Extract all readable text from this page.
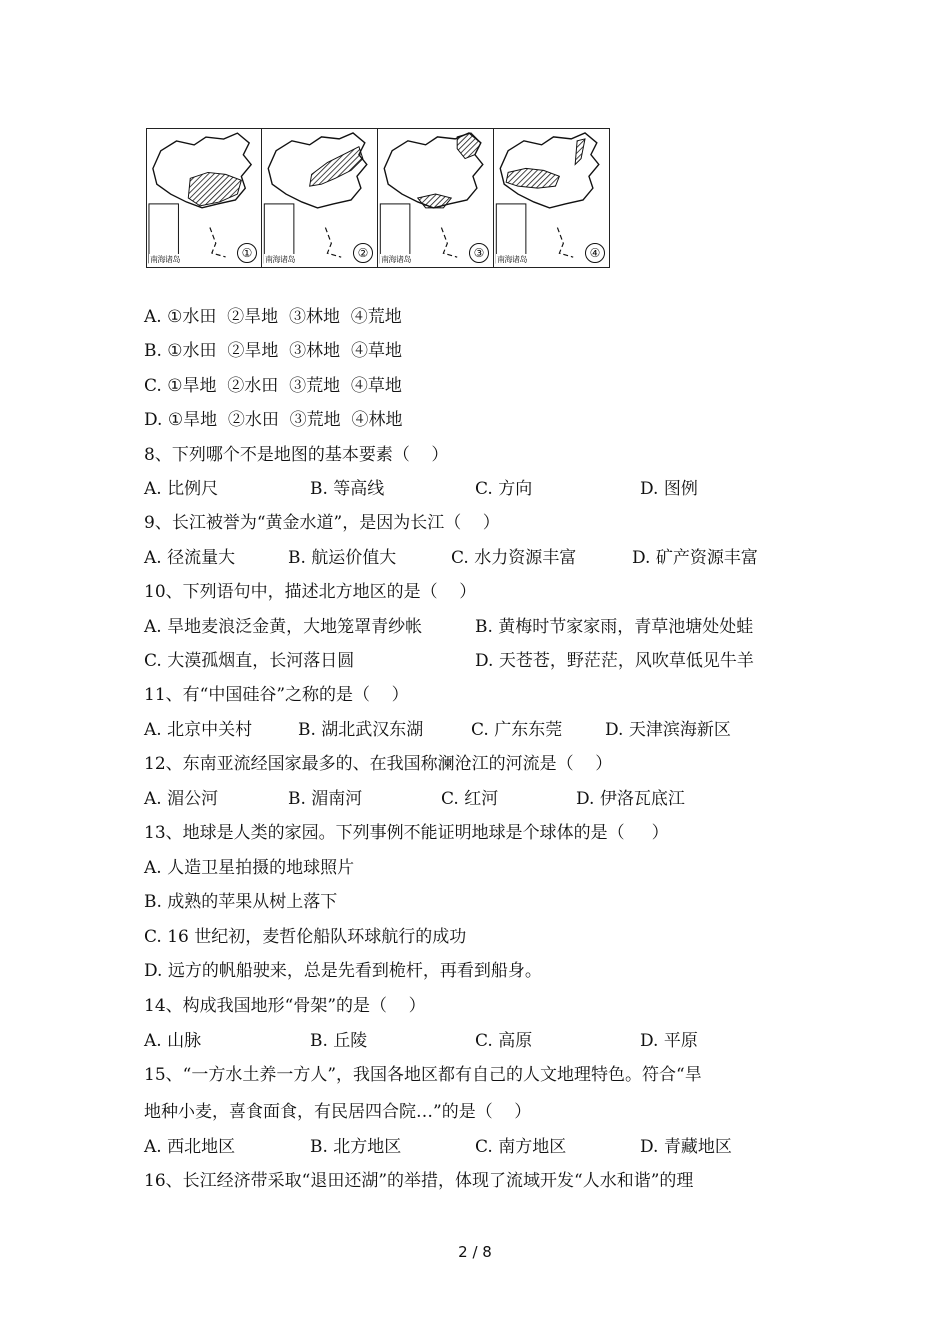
南海诸岛	①	南海诸岛	②	南海诸岛	③	南海诸岛	④
A. ①水田  ②旱地  ③林地  ④荒地
B. ①水田  ②旱地  ③林地  ④草地
C. ①旱地  ②水田  ③荒地  ④草地
D. ①旱地  ②水田  ③荒地  ④林地
8、下列哪个不是地图的基本要素（    ）
A. 比例尺	B. 等高线	C. 方向	D. 图例
9、长江被誉为“黄金水道”，是因为长江（    ）
A. 径流量大	B. 航运价值大	C. 水力资源丰富	D. 矿产资源丰富
10、下列语句中，描述北方地区的是（    ）
A. 旱地麦浪泛金黄，大地笼罩青纱帐	B. 黄梅时节家家雨，青草池塘处处蛙
C. 大漠孤烟直，长河落日圆	D. 天苍苍，野茫茫，风吹草低见牛羊
11、有“中国硅谷”之称的是（    ）
A. 北京中关村	B. 湖北武汉东湖	C. 广东东莞	D. 天津滨海新区
12、东南亚流经国家最多的、在我国称澜沧江的河流是（    ）
A. 湄公河	B. 湄南河	C. 红河	D. 伊洛瓦底江
13、地球是人类的家园。下列事例不能证明地球是个球体的是（     ）
A. 人造卫星拍摄的地球照片
B. 成熟的苹果从树上落下
C. 16 世纪初，麦哲伦船队环球航行的成功
D. 远方的帆船驶来，总是先看到桅杆，再看到船身。
14、构成我国地形“骨架”的是（    ）
A. 山脉	B. 丘陵	C. 高原	D. 平原
15、“一方水土养一方人”，我国各地区都有自己的人文地理特色。符合“旱
地种小麦，喜食面食，有民居四合院…”的是（    ）
A. 西北地区	B. 北方地区	C. 南方地区	D. 青藏地区
16、长江经济带采取“退田还湖”的举措，体现了流域开发“人水和谐”的理
2 / 8
